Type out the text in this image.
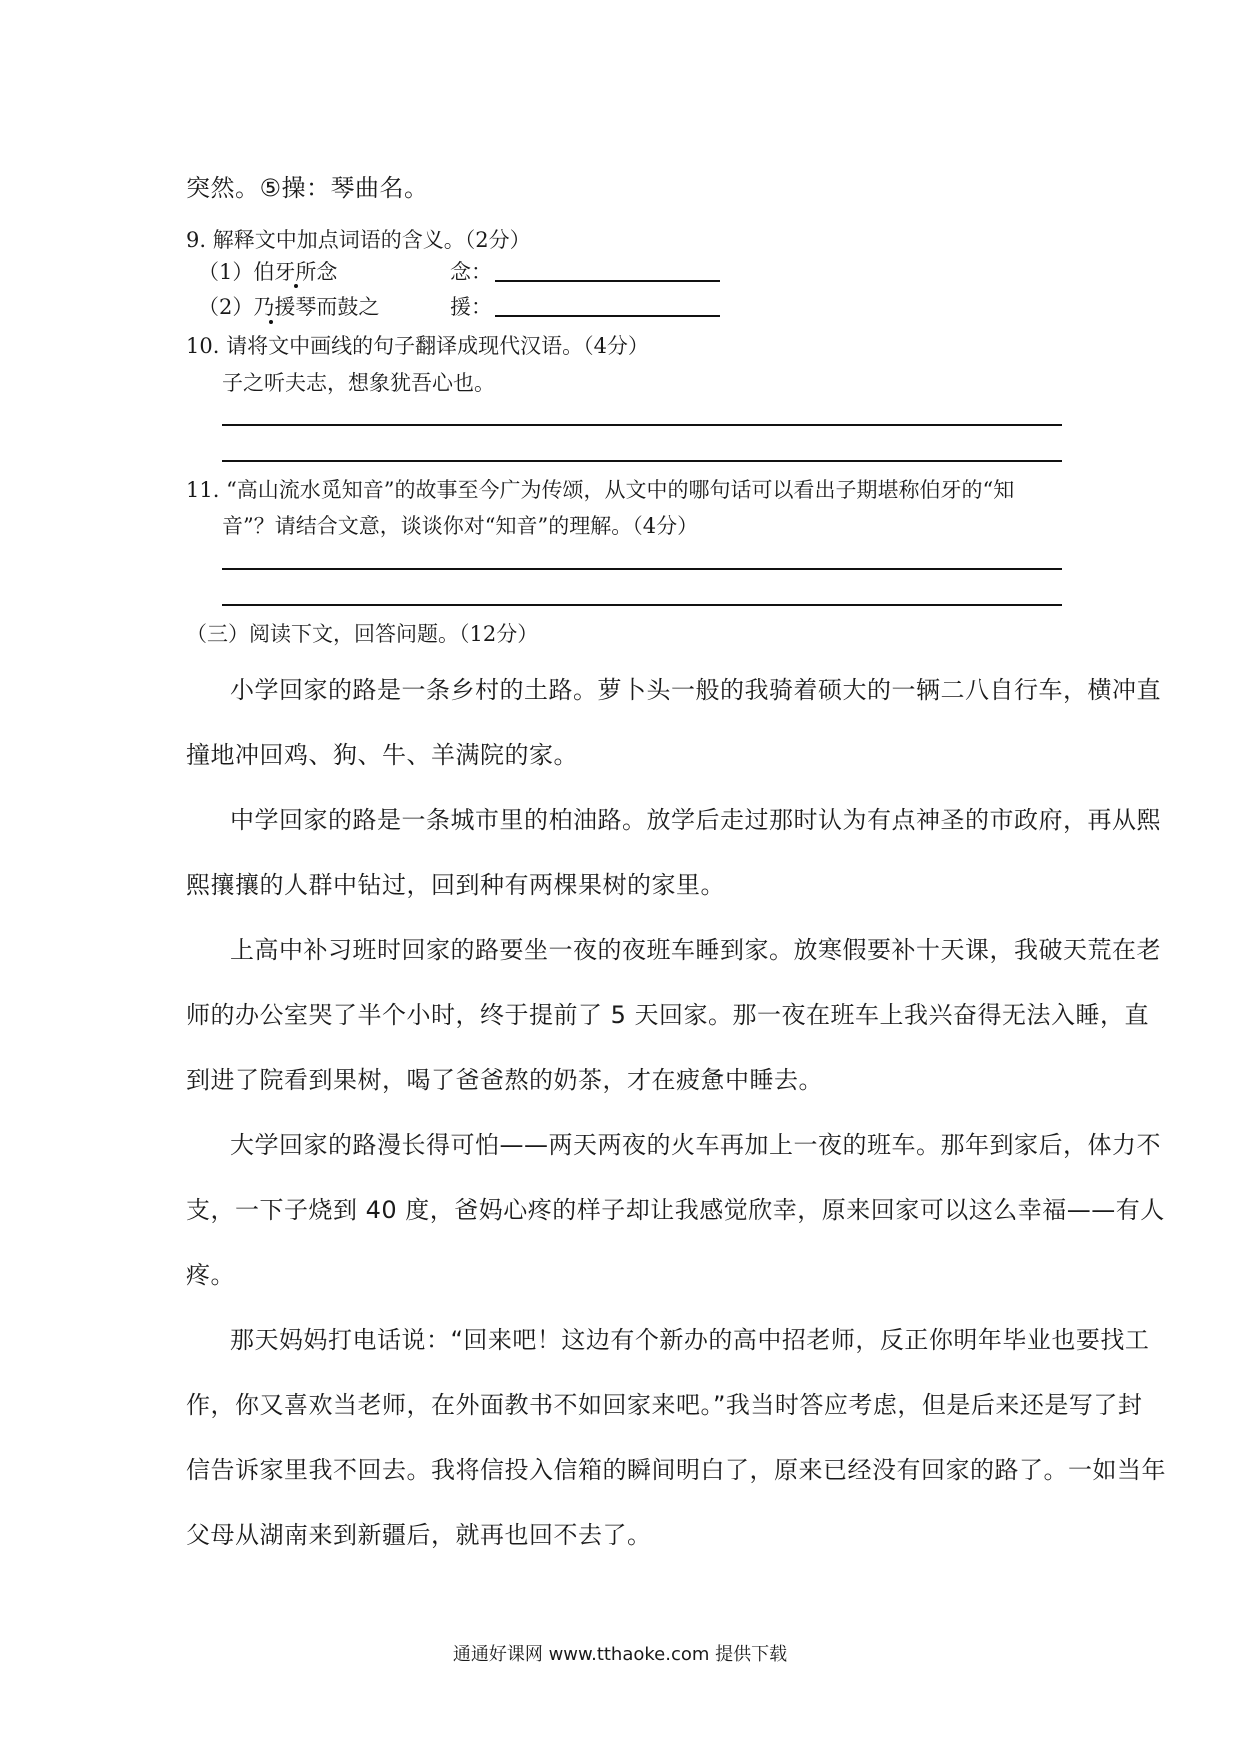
突然。⑤操：琴曲名。
9. 解释文中加点词语的含义。（2分）
（1）伯牙所念	念：
（2）乃援琴而鼓之	援：
10. 请将文中画线的句子翻译成现代汉语。（4分）
子之听夫志，想象犹吾心也。
11. “高山流水觅知音”的故事至今广为传颂，从文中的哪句话可以看出子期堪称伯牙的“知
音”？请结合文意，谈谈你对“知音”的理解。（4分）
（三）阅读下文，回答问题。（12分）
小学回家的路是一条乡村的土路。萝卜头一般的我骑着硕大的一辆二八自行车，横冲直
撞地冲回鸡、狗、牛、羊满院的家。
中学回家的路是一条城市里的柏油路。放学后走过那时认为有点神圣的市政府，再从熙
熙攘攘的人群中钻过，回到种有两棵果树的家里。
上高中补习班时回家的路要坐一夜的夜班车睡到家。放寒假要补十天课，我破天荒在老
师的办公室哭了半个小时，终于提前了 5 天回家。那一夜在班车上我兴奋得无法入睡，直
到进了院看到果树，喝了爸爸熬的奶茶，才在疲惫中睡去。
大学回家的路漫长得可怕——两天两夜的火车再加上一夜的班车。那年到家后，体力不
支，一下子烧到 40 度，爸妈心疼的样子却让我感觉欣幸，原来回家可以这么幸福——有人
疼。
那天妈妈打电话说：“回来吧！这边有个新办的高中招老师，反正你明年毕业也要找工
作，你又喜欢当老师，在外面教书不如回家来吧。”我当时答应考虑，但是后来还是写了封
信告诉家里我不回去。我将信投入信箱的瞬间明白了，原来已经没有回家的路了。一如当年
父母从湖南来到新疆后，就再也回不去了。
通通好课网 www.tthaoke.com 提供下载
